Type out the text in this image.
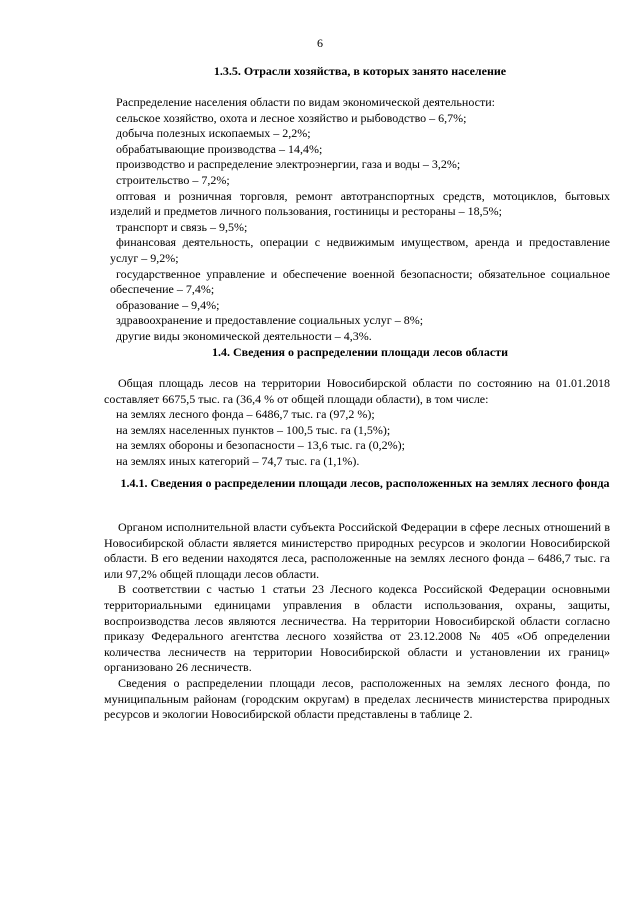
6
1.3.5. Отрасли хозяйства, в которых занято население

Распределение населения области по видам экономической деятельности:

сельское хозяйство, охота и лесное хозяйство и рыбоводство – 6,7%;

добыча полезных ископаемых – 2,2%;

обрабатывающие производства – 14,4%;

производство и распределение электроэнергии, газа и воды – 3,2%;

строительство – 7,2%;

оптовая и розничная торговля, ремонт автотранспортных средств, мотоциклов, бытовых изделий и предметов личного пользования, гостиницы и рестораны – 18,5%;

транспорт и связь – 9,5%;

финансовая деятельность, операции с недвижимым имуществом, аренда и предоставление услуг – 9,2%;

государственное управление и обеспечение военной безопасности; обязательное социальное обеспечение – 7,4%;

образование – 9,4%;

здравоохранение и предоставление социальных услуг – 8%;

другие виды экономической деятельности – 4,3%.

1.4. Сведения о распределении площади лесов области

Общая площадь лесов на территории Новосибирской области по состоянию на 01.01.2018 составляет 6675,5 тыс. га (36,4 % от общей площади области), в том числе:

на землях лесного фонда – 6486,7 тыс. га (97,2 %);

на землях населенных пунктов – 100,5 тыс. га (1,5%);

на землях обороны и безопасности – 13,6 тыс. га (0,2%);

на землях иных категорий – 74,7 тыс. га (1,1%).

1.4.1. Сведения о распределении площади лесов, расположенных на землях лесного фонда

Органом исполнительной власти субъекта Российской Федерации в сфере лесных отношений в Новосибирской области является министерство природных ресурсов и экологии Новосибирской области. В его ведении находятся леса, расположенные на землях лесного фонда – 6486,7 тыс. га или 97,2% общей площади лесов области.

В соответствии с частью 1 статьи 23 Лесного кодекса Российской Федерации основными территориальными единицами управления в области использования, охраны, защиты, воспроизводства лесов являются лесничества. На территории Новосибирской области согласно приказу Федерального агентства лесного хозяйства от 23.12.2008 № 405 «Об определении количества лесничеств на территории Новосибирской области и установлении их границ» организовано 26 лесничеств.

Сведения о распределении площади лесов, расположенных на землях лесного фонда, по муниципальным районам (городским округам) в пределах лесничеств министерства природных ресурсов и экологии Новосибирской области представлены в таблице 2.
